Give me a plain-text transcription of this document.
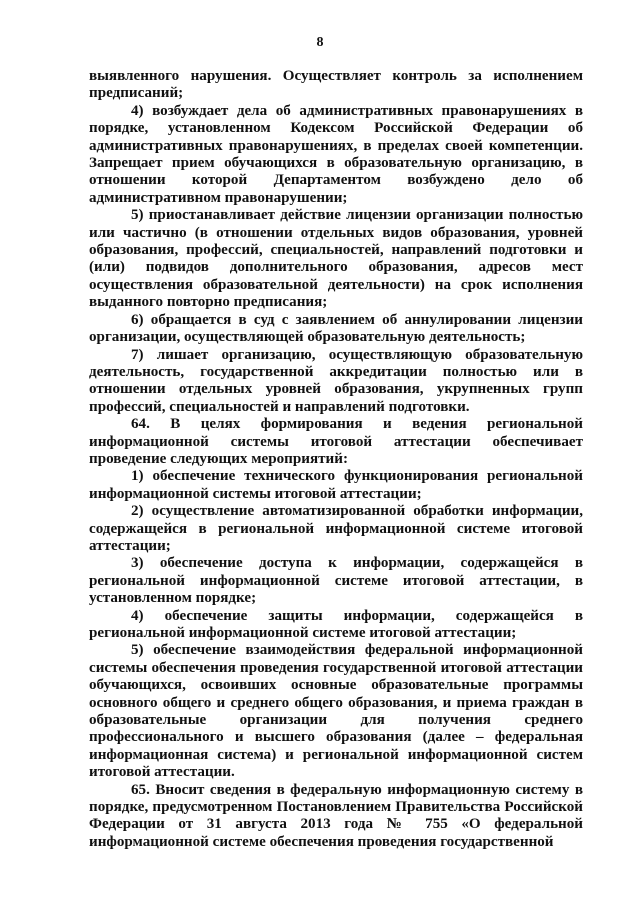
8

выявленного нарушения. Осуществляет контроль за исполнением предписаний;

4) возбуждает дела об административных правонарушениях в порядке, установленном Кодексом Российской Федерации об административных правонарушениях, в пределах своей компетенции. Запрещает прием обучающихся в образовательную организацию, в отношении которой Департаментом возбуждено дело об административном правонарушении;

5) приостанавливает действие лицензии организации полностью или частично (в отношении отдельных видов образования, уровней образования, профессий, специальностей, направлений подготовки и (или) подвидов дополнительного образования, адресов мест осуществления образовательной деятельности) на срок исполнения выданного повторно предписания;

6) обращается в суд с заявлением об аннулировании лицензии организации, осуществляющей образовательную деятельность;

7) лишает организацию, осуществляющую образовательную деятельность, государственной аккредитации полностью или в отношении отдельных уровней образования, укрупненных групп профессий, специальностей и направлений подготовки.

64. В целях формирования и ведения региональной информационной системы итоговой аттестации обеспечивает проведение следующих мероприятий:

1) обеспечение технического функционирования региональной информационной системы итоговой аттестации;

2) осуществление автоматизированной обработки информации, содержащейся в региональной информационной системе итоговой аттестации;

3) обеспечение доступа к информации, содержащейся в региональной информационной системе итоговой аттестации, в установленном порядке;

4) обеспечение защиты информации, содержащейся в региональной информационной системе итоговой аттестации;

5) обеспечение взаимодействия федеральной информационной системы обеспечения проведения государственной итоговой аттестации обучающихся, освоивших основные образовательные программы основного общего и среднего общего образования, и приема граждан в образовательные организации для получения среднего профессионального и высшего образования (далее – федеральная информационная система) и региональной информационной систем итоговой аттестации.

65. Вносит сведения в федеральную информационную систему в порядке, предусмотренном Постановлением Правительства Российской Федерации от 31 августа 2013 года № 755 «О федеральной информационной системе обеспечения проведения государственной
